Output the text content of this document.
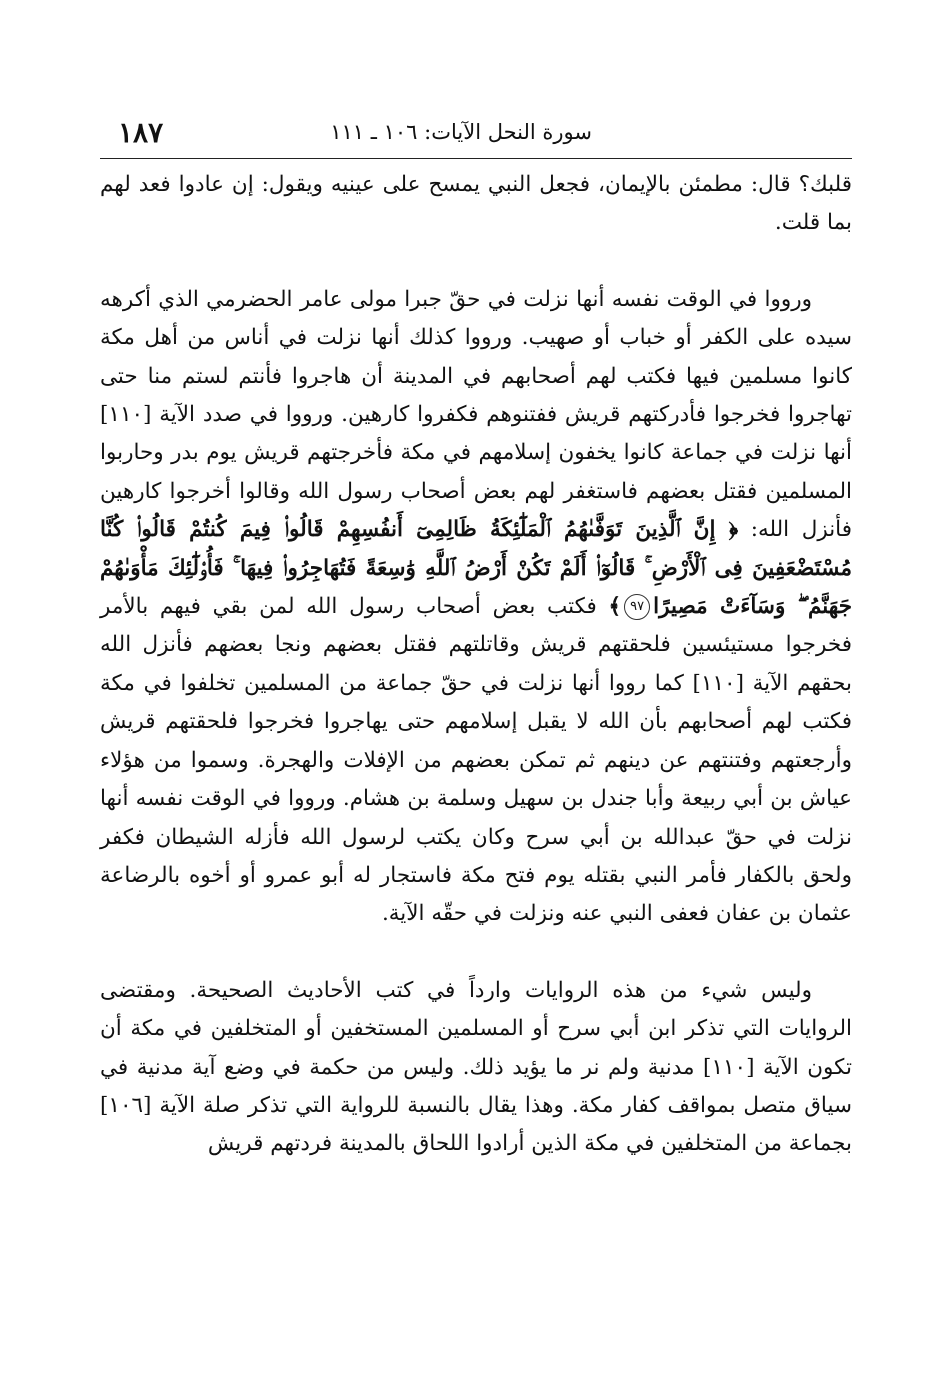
١٨٧	سورة النحل الآيات: ١٠٦ ـ ١١١

قلبك؟ قال: مطمئن بالإيمان، فجعل النبي يمسح على عينيه ويقول: إن عادوا فعد لهم بما قلت.

ورووا في الوقت نفسه أنها نزلت في حقّ جبرا مولى عامر الحضرمي الذي أكرهه سيده على الكفر أو خباب أو صهيب. ورووا كذلك أنها نزلت في أناس من أهل مكة كانوا مسلمين فيها فكتب لهم أصحابهم في المدينة أن هاجروا فأنتم لستم منا حتى تهاجروا فخرجوا فأدركتهم قريش ففتنوهم فكفروا كارهين. ورووا في صدد الآية [١١٠] أنها نزلت في جماعة كانوا يخفون إسلامهم في مكة فأخرجتهم قريش يوم بدر وحاربوا المسلمين فقتل بعضهم فاستغفر لهم بعض أصحاب رسول الله وقالوا أخرجوا كارهين فأنزل الله: ﴿ إِنَّ ٱلَّذِينَ تَوَفَّىٰهُمُ ٱلْمَلَٰٓئِكَةُ ظَالِمِىٓ أَنفُسِهِمْ قَالُوا۟ فِيمَ كُنتُمْ قَالُوا۟ كُنَّا مُسْتَضْعَفِينَ فِى ٱلْأَرْضِ ۚ قَالُوٓا۟ أَلَمْ تَكُنْ أَرْضُ ٱللَّهِ وَٰسِعَةً فَتُهَاجِرُوا۟ فِيهَا ۚ فَأُو۟لَٰٓئِكَ مَأْوَىٰهُمْ جَهَنَّمُ ۖ وَسَآءَتْ مَصِيرًا٩٧﴾ فكتب بعض أصحاب رسول الله لمن بقي فيهم بالأمر فخرجوا مستيئسين فلحقتهم قريش وقاتلتهم فقتل بعضهم ونجا بعضهم فأنزل الله بحقهم الآية [١١٠] كما رووا أنها نزلت في حقّ جماعة من المسلمين تخلفوا في مكة فكتب لهم أصحابهم بأن الله لا يقبل إسلامهم حتى يهاجروا فخرجوا فلحقتهم قريش وأرجعتهم وفتنتهم عن دينهم ثم تمكن بعضهم من الإفلات والهجرة. وسموا من هؤلاء عياش بن أبي ربيعة وأبا جندل بن سهيل وسلمة بن هشام. ورووا في الوقت نفسه أنها نزلت في حقّ عبدالله بن أبي سرح وكان يكتب لرسول الله فأزله الشيطان فكفر ولحق بالكفار فأمر النبي بقتله يوم فتح مكة فاستجار له أبو عمرو أو أخوه بالرضاعة عثمان بن عفان فعفى النبي عنه ونزلت في حقّه الآية.

وليس شيء من هذه الروايات وارداً في كتب الأحاديث الصحيحة. ومقتضى الروايات التي تذكر ابن أبي سرح أو المسلمين المستخفين أو المتخلفين في مكة أن تكون الآية [١١٠] مدنية ولم نر ما يؤيد ذلك. وليس من حكمة في وضع آية مدنية في سياق متصل بمواقف كفار مكة. وهذا يقال بالنسبة للرواية التي تذكر صلة الآية [١٠٦] بجماعة من المتخلفين في مكة الذين أرادوا اللحاق بالمدينة فردتهم قريش
